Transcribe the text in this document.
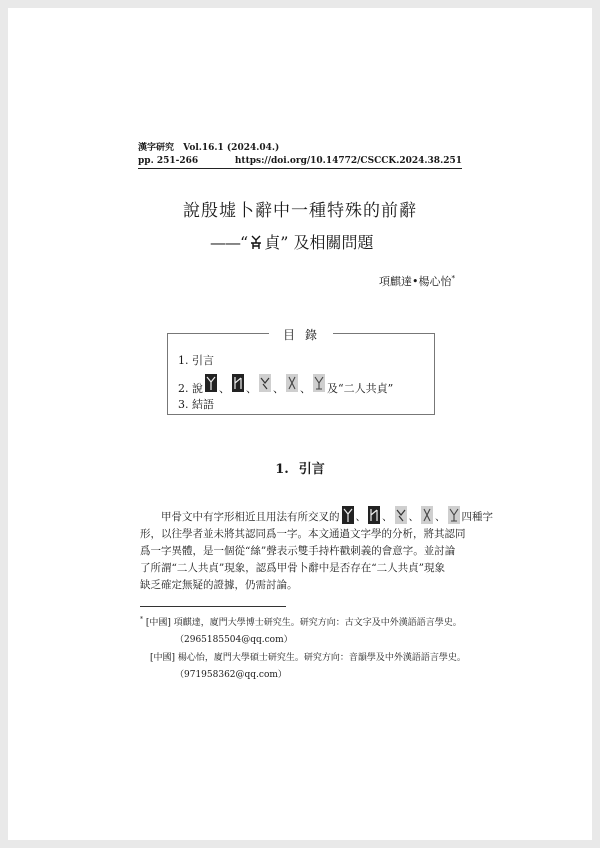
漢字研究 Vol.16.1 (2024.04.)
pp. 251-266	https://doi.org/10.14772/CSCCK.2024.38.251
說殷墟卜辭中一種特殊的前辭
——“ 貞” 及相關問題
項麒達•楊心怡*
目錄
1. 引言
2. 說 、 、 、 、 及“二人共貞”
3. 結語
1. 引言
甲骨文中有字形相近且用法有所交叉的 、 、 、 、 四種字
形，以往學者並未將其認同爲一字。本文通過文字學的分析，將其認同
爲一字異體，是一個從“絲”聲表示雙手持杵戳刺義的會意字。並討論
了所謂“二人共貞”現象，認爲甲骨卜辭中是否存在“二人共貞”現象
缺乏確定無疑的證據，仍需討論。
* [中國] 項麒達，廈門大學博士研究生。研究方向：古文字及中外漢語語言學史。
（2965185504@qq.com）
[中國] 楊心怡，廈門大學碩士研究生。研究方向：音韻學及中外漢語語言學史。
（971958362@qq.com）
